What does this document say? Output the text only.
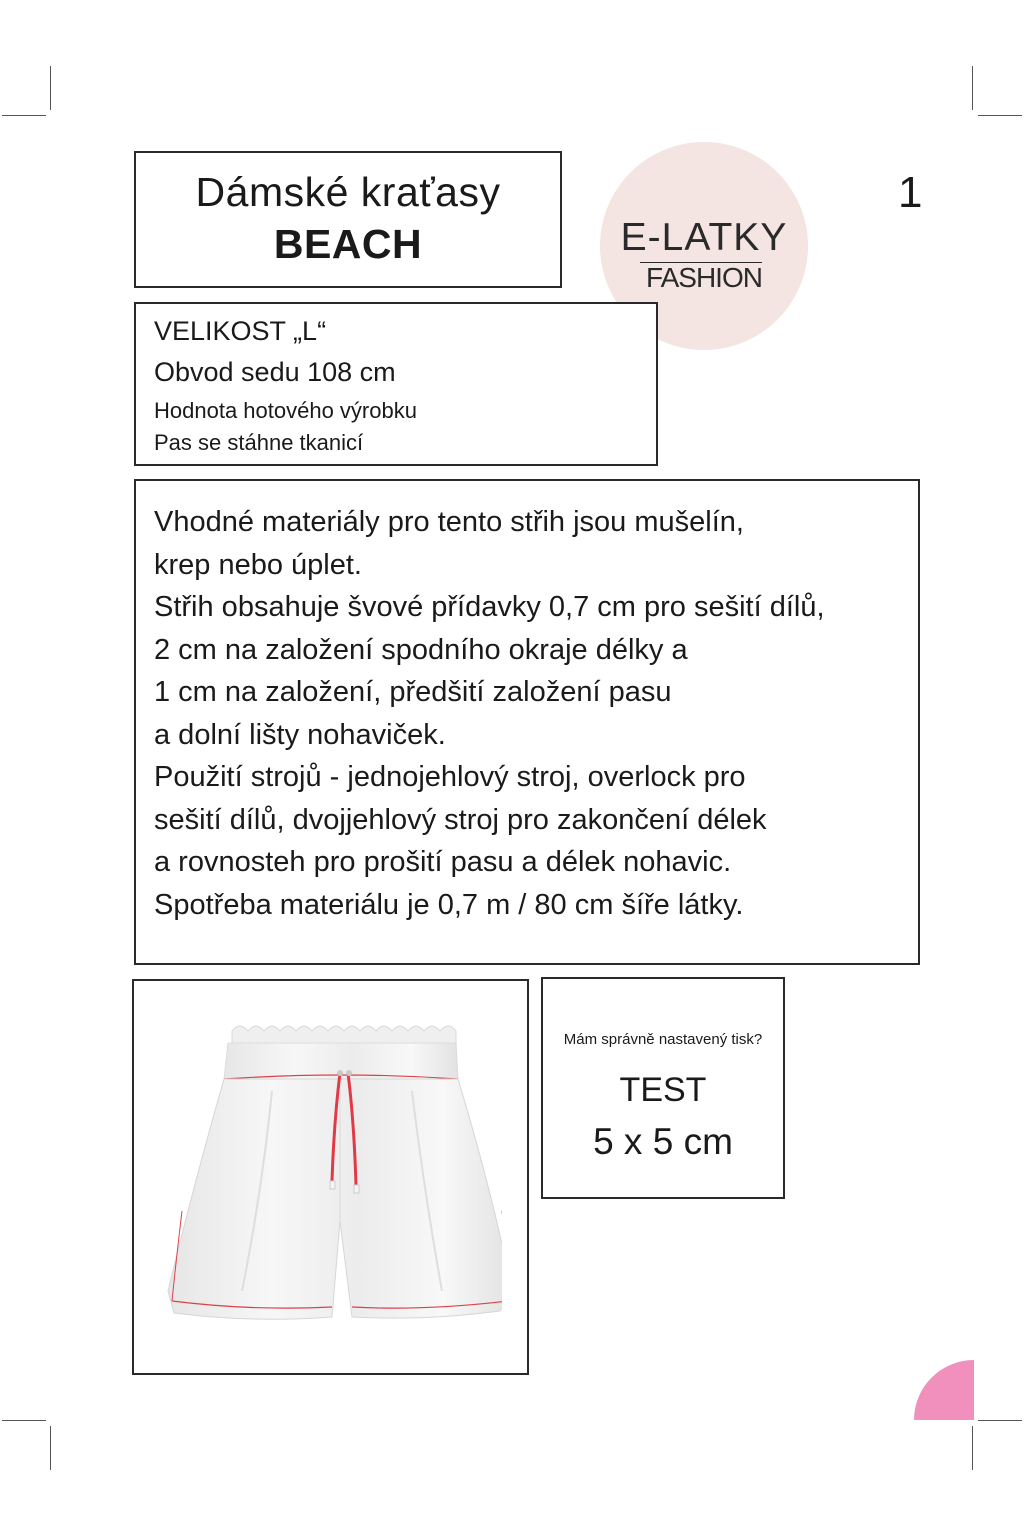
Dámské kraťasy
BEACH
1
E-LATKY
FASHION
VELIKOST „L“
Obvod sedu 108 cm
Hodnota hotového výrobku
Pas se stáhne tkanicí
Vhodné materiály pro tento střih jsou mušelín,
krep nebo úplet.
Střih obsahuje švové přídavky 0,7 cm pro sešití dílů,
2 cm na založení spodního okraje délky a
1 cm na založení, předšití založení pasu
a dolní lišty nohaviček.
Použití strojů - jednojehlový stroj, overlock pro
sešití dílů, dvojjehlový stroj pro zakončení délek
a rovnosteh pro prošití pasu a délek nohavic.
Spotřeba materiálu je 0,7 m / 80 cm šíře látky.
Mám správně nastavený tisk?
TEST
5 x 5 cm
